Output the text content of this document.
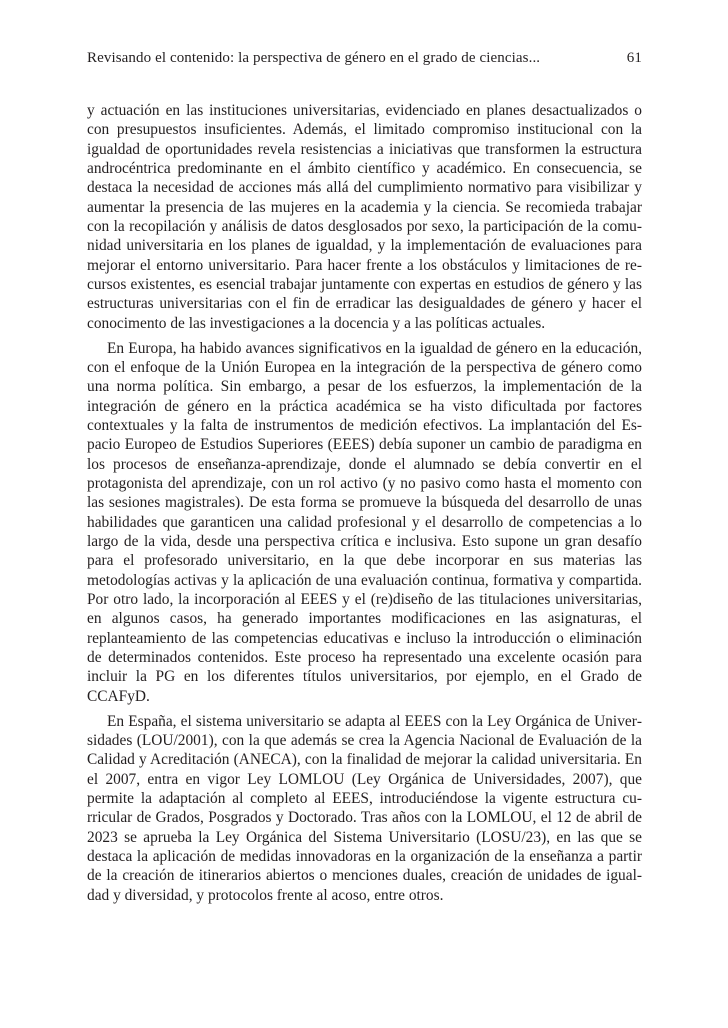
Revisando el contenido: la perspectiva de género en el grado de ciencias...	61

y actuación en las instituciones universitarias, evidenciado en planes desactualizados o con presupuestos insuficientes. Además, el limitado compromiso institucional con la igualdad de oportunidades revela resistencias a iniciativas que transformen la estructura androcéntrica predominante en el ámbito científico y académico. En consecuencia, se destaca la necesidad de acciones más allá del cumplimiento normativo para visibilizar y aumentar la presencia de las mujeres en la academia y la ciencia. Se recomieda trabajar con la recopilación y análisis de datos desglosados por sexo, la participación de la comunidad universitaria en los planes de igualdad, y la implementación de evaluaciones para mejorar el entorno universitario. Para hacer frente a los obstáculos y limitaciones de recursos existentes, es esencial trabajar juntamente con expertas en estudios de género y las estructuras universitarias con el fin de erradicar las desigualdades de género y hacer el conocimento de las investigaciones a la docencia y a las políticas actuales.

En Europa, ha habido avances significativos en la igualdad de género en la educación, con el enfoque de la Unión Europea en la integración de la perspectiva de género como una norma política. Sin embargo, a pesar de los esfuerzos, la implementación de la integración de género en la práctica académica se ha visto dificultada por factores contextuales y la falta de instrumentos de medición efectivos. La implantación del Espacio Europeo de Estudios Superiores (EEES) debía suponer un cambio de paradigma en los procesos de enseñanza-aprendizaje, donde el alumnado se debía convertir en el protagonista del aprendizaje, con un rol activo (y no pasivo como hasta el momento con las sesiones magistrales). De esta forma se promueve la búsqueda del desarrollo de unas habilidades que garanticen una calidad profesional y el desarrollo de competencias a lo largo de la vida, desde una perspectiva crítica e inclusiva. Esto supone un gran desafío para el profesorado universitario, en la que debe incorporar en sus materias las metodologías activas y la aplicación de una evaluación continua, formativa y compartida. Por otro lado, la incorporación al EEES y el (re)diseño de las titulaciones universitarias, en algunos casos, ha generado importantes modificaciones en las asignaturas, el replanteamiento de las competencias educativas e incluso la introducción o eliminación de determinados contenidos. Este proceso ha representado una excelente ocasión para incluir la PG en los diferentes títulos universitarios, por ejemplo, en el Grado de CCAFyD.

En España, el sistema universitario se adapta al EEES con la Ley Orgánica de Universidades (LOU/2001), con la que además se crea la Agencia Nacional de Evaluación de la Calidad y Acreditación (ANECA), con la finalidad de mejorar la calidad universitaria. En el 2007, entra en vigor Ley LOMLOU (Ley Orgánica de Universidades, 2007), que permite la adaptación al completo al EEES, introduciéndose la vigente estructura curricular de Grados, Posgrados y Doctorado. Tras años con la LOMLOU, el 12 de abril de 2023 se aprueba la Ley Orgánica del Sistema Universitario (LOSU/23), en las que se destaca la aplicación de medidas innovadoras en la organización de la enseñanza a partir de la creación de itinerarios abiertos o menciones duales, creación de unidades de igualdad y diversidad, y protocolos frente al acoso, entre otros.
